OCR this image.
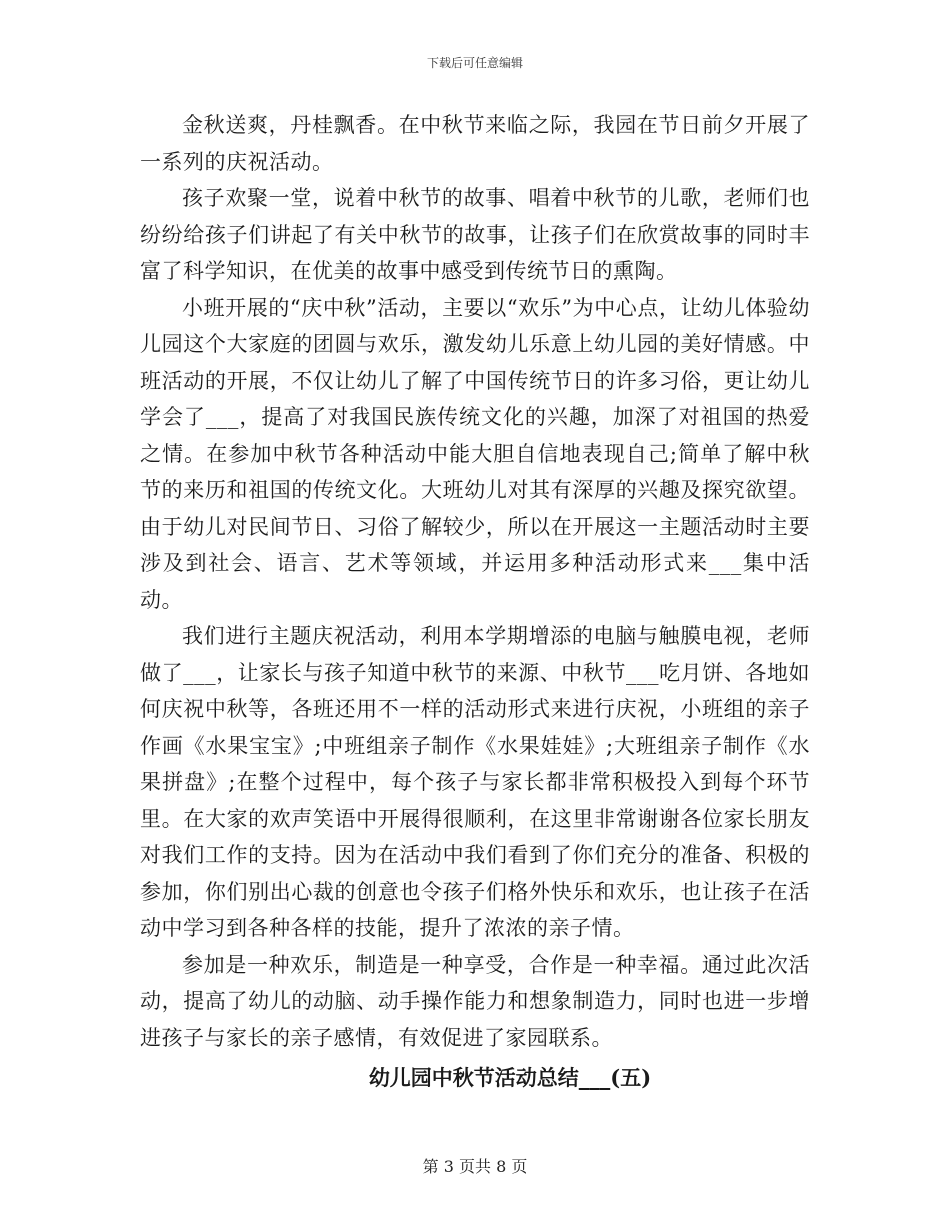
下载后可任意编辑

金秋送爽，丹桂飘香。在中秋节来临之际，我园在节日前夕开展了一系列的庆祝活动。

孩子欢聚一堂，说着中秋节的故事、唱着中秋节的儿歌，老师们也纷纷给孩子们讲起了有关中秋节的故事，让孩子们在欣赏故事的同时丰富了科学知识，在优美的故事中感受到传统节日的熏陶。

小班开展的“庆中秋”活动，主要以“欢乐”为中心点，让幼儿体验幼儿园这个大家庭的团圆与欢乐，激发幼儿乐意上幼儿园的美好情感。中班活动的开展，不仅让幼儿了解了中国传统节日的许多习俗，更让幼儿学会了___，提高了对我国民族传统文化的兴趣，加深了对祖国的热爱之情。在参加中秋节各种活动中能大胆自信地表现自己;简单了解中秋节的来历和祖国的传统文化。大班幼儿对其有深厚的兴趣及探究欲望。由于幼儿对民间节日、习俗了解较少，所以在开展这一主题活动时主要涉及到社会、语言、艺术等领域，并运用多种活动形式来___集中活动。

我们进行主题庆祝活动，利用本学期增添的电脑与触膜电视，老师做了___，让家长与孩子知道中秋节的来源、中秋节___吃月饼、各地如何庆祝中秋等，各班还用不一样的活动形式来进行庆祝，小班组的亲子作画《水果宝宝》;中班组亲子制作《水果娃娃》;大班组亲子制作《水果拼盘》;在整个过程中，每个孩子与家长都非常积极投入到每个环节里。在大家的欢声笑语中开展得很顺利，在这里非常谢谢各位家长朋友对我们工作的支持。因为在活动中我们看到了你们充分的准备、积极的参加，你们别出心裁的创意也令孩子们格外快乐和欢乐，也让孩子在活动中学习到各种各样的技能，提升了浓浓的亲子情。

参加是一种欢乐，制造是一种享受，合作是一种幸福。通过此次活动，提高了幼儿的动脑、动手操作能力和想象制造力，同时也进一步增进孩子与家长的亲子感情，有效促进了家园联系。

幼儿园中秋节活动总结___(五)
第 3 页共 8 页
